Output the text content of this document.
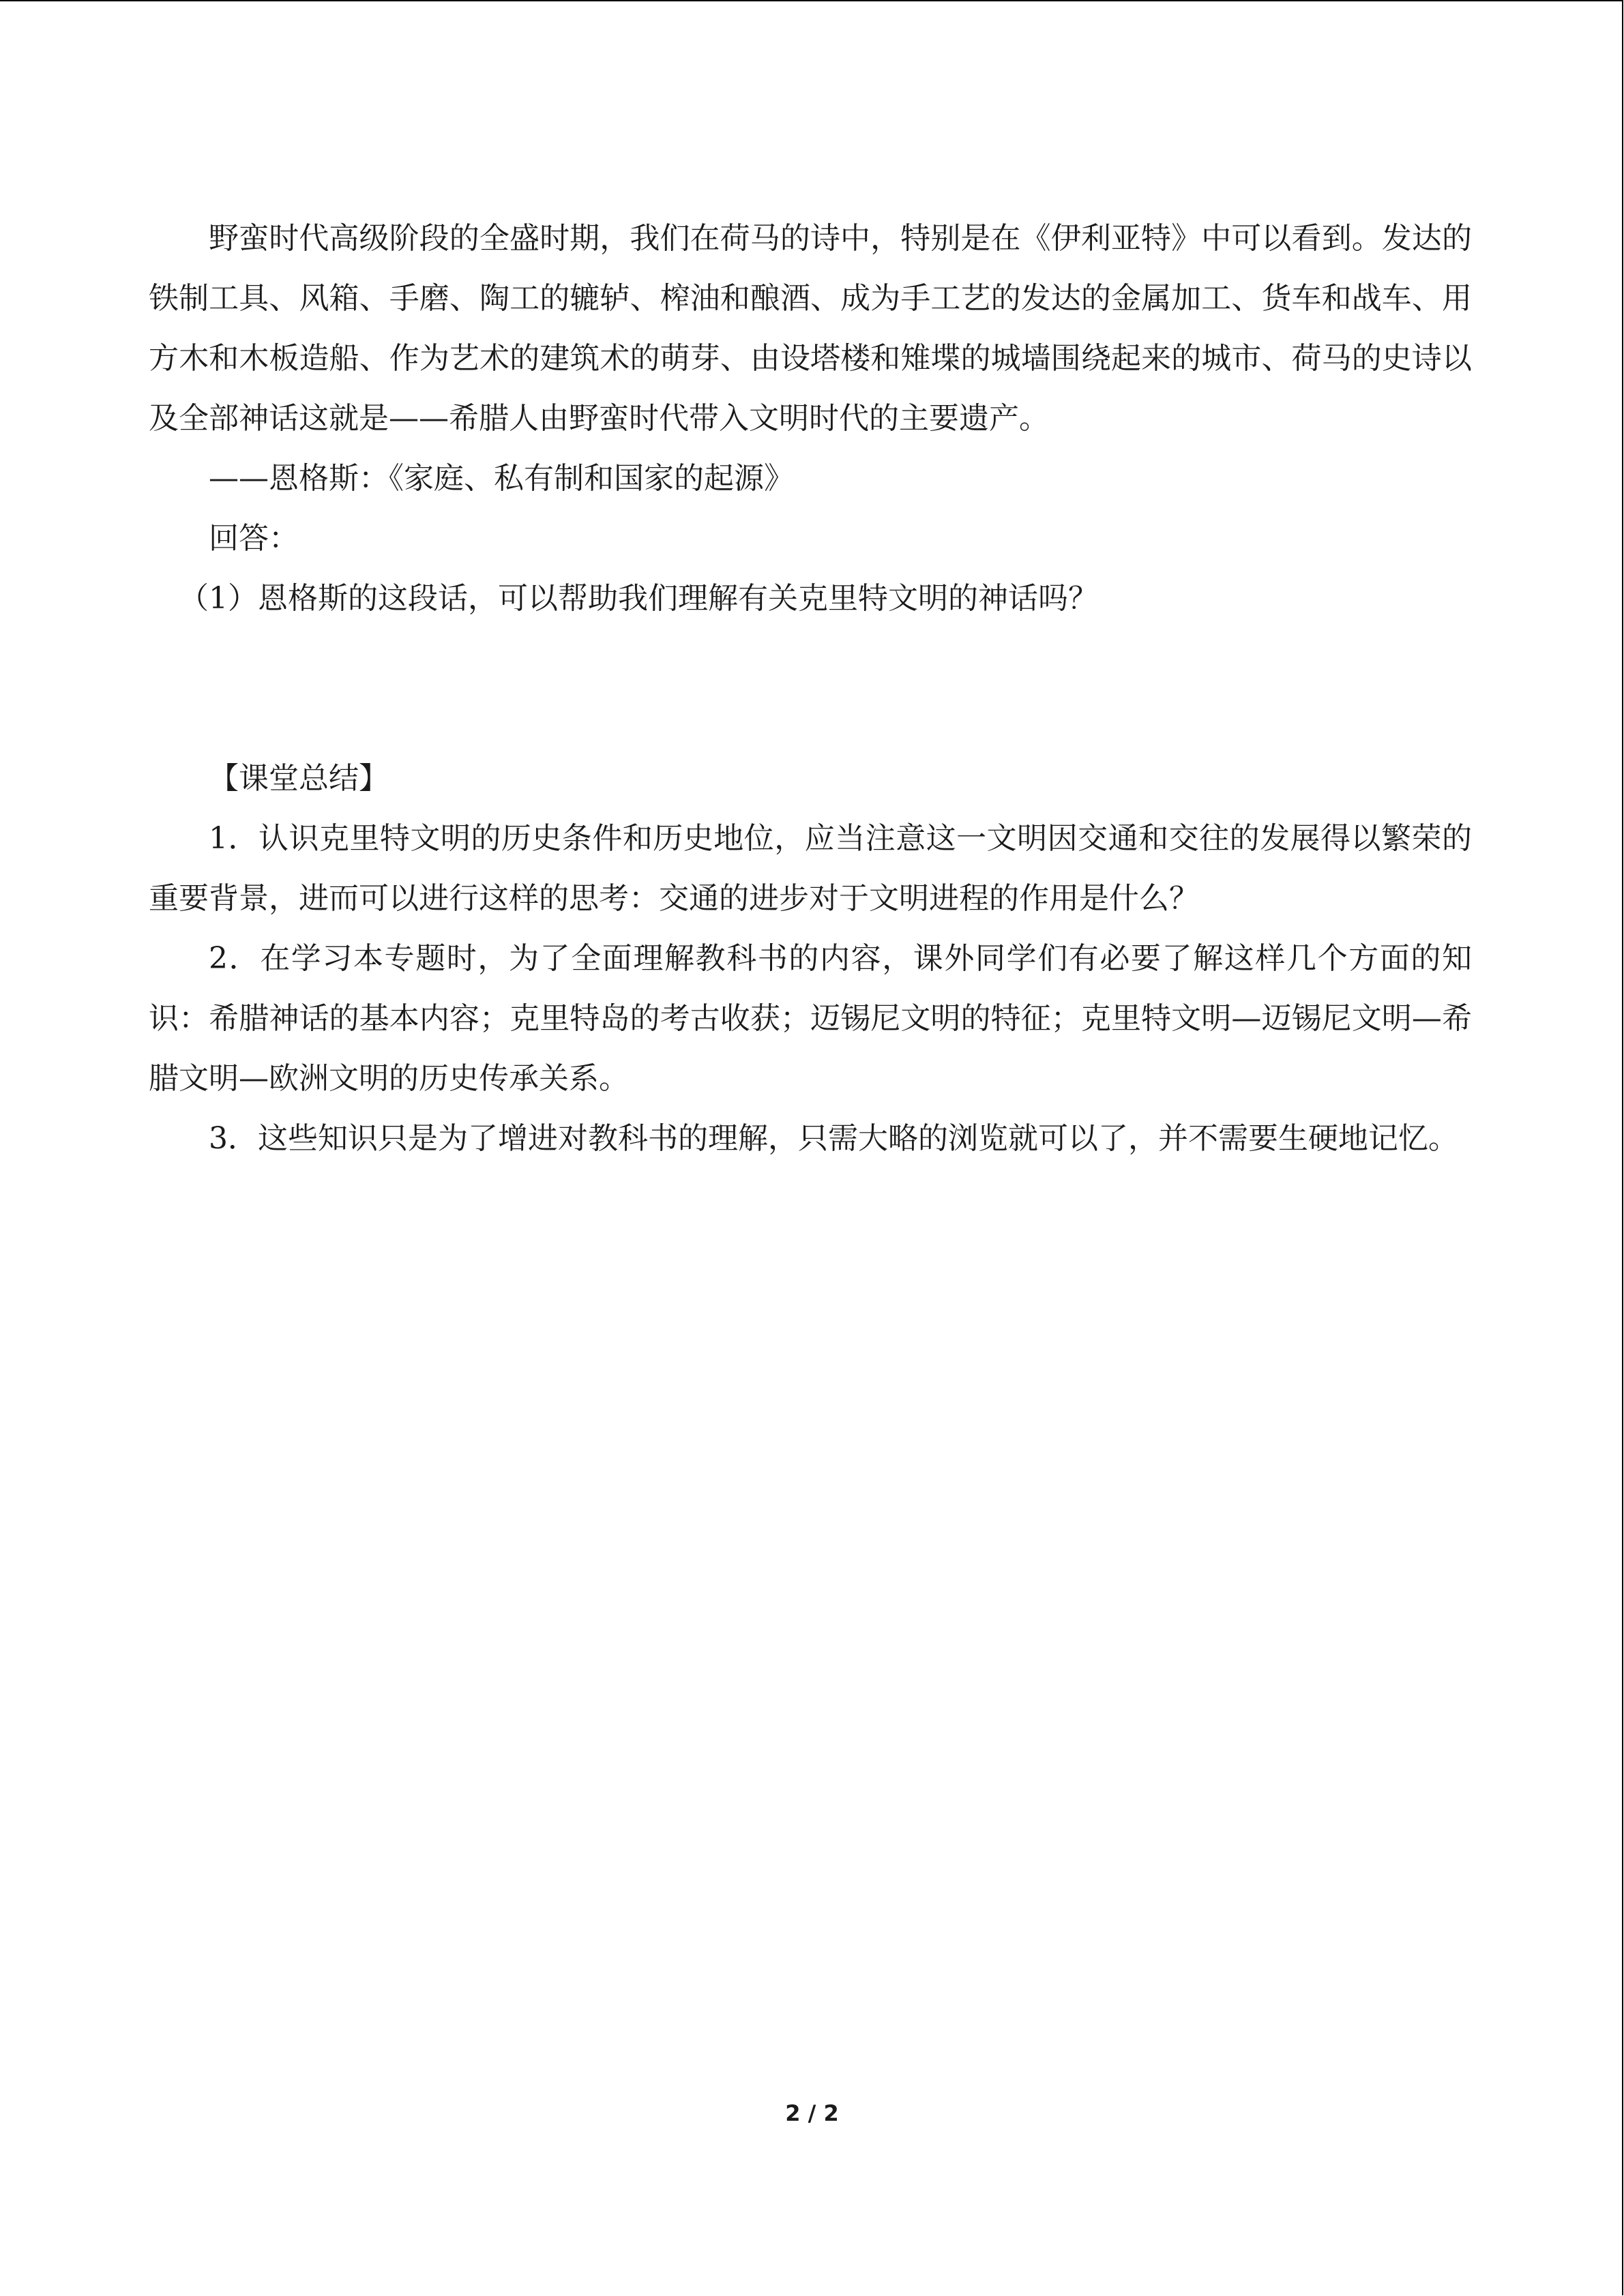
野蛮时代高级阶段的全盛时期，我们在荷马的诗中，特别是在《伊利亚特》中可以看到。发达的铁制工具、风箱、手磨、陶工的辘轳、榨油和酿酒、成为手工艺的发达的金属加工、货车和战车、用方木和木板造船、作为艺术的建筑术的萌芽、由设塔楼和雉堞的城墙围绕起来的城市、荷马的史诗以及全部神话这就是——希腊人由野蛮时代带入文明时代的主要遗产。

——恩格斯：《家庭、私有制和国家的起源》

回答：

（1）恩格斯的这段话，可以帮助我们理解有关克里特文明的神话吗？

【课堂总结】

1．认识克里特文明的历史条件和历史地位，应当注意这一文明因交通和交往的发展得以繁荣的重要背景，进而可以进行这样的思考：交通的进步对于文明进程的作用是什么？

2．在学习本专题时，为了全面理解教科书的内容，课外同学们有必要了解这样几个方面的知识：希腊神话的基本内容；克里特岛的考古收获；迈锡尼文明的特征；克里特文明—迈锡尼文明—希腊文明—欧洲文明的历史传承关系。

3．这些知识只是为了增进对教科书的理解，只需大略的浏览就可以了，并不需要生硬地记忆。

2 / 2
